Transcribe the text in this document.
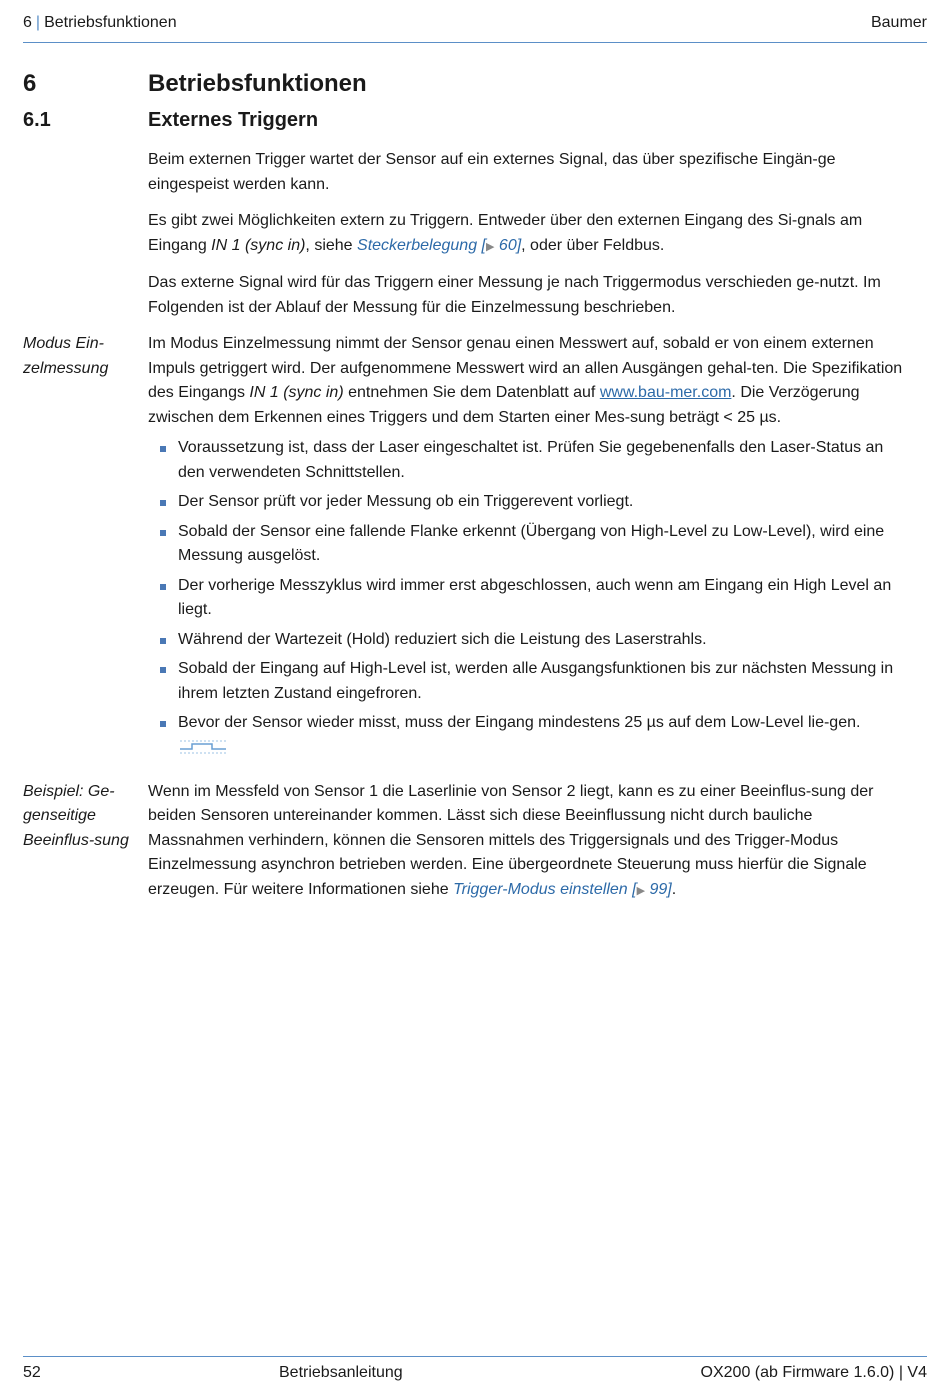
6 | Betriebsfunktionen	Baumer
6	Betriebsfunktionen
6.1	Externes Triggern

Beim externen Trigger wartet der Sensor auf ein externes Signal, das über spezifische Eingän-ge eingespeist werden kann.

Es gibt zwei Möglichkeiten extern zu Triggern. Entweder über den externen Eingang des Si-gnals am Eingang IN 1 (sync in), siehe Steckerbelegung [▶ 60], oder über Feldbus.

Das externe Signal wird für das Triggern einer Messung je nach Triggermodus verschieden ge-nutzt. Im Folgenden ist der Ablauf der Messung für die Einzelmessung beschrieben.

Modus Ein-zelmessung

Im Modus Einzelmessung nimmt der Sensor genau einen Messwert auf, sobald er von einem externen Impuls getriggert wird. Der aufgenommene Messwert wird an allen Ausgängen gehal-ten. Die Spezifikation des Eingangs IN 1 (sync in) entnehmen Sie dem Datenblatt auf www.bau-mer.com. Die Verzögerung zwischen dem Erkennen eines Triggers und dem Starten einer Mes-sung beträgt < 25 µs.

Voraussetzung ist, dass der Laser eingeschaltet ist. Prüfen Sie gegebenenfalls den Laser-Status an den verwendeten Schnittstellen.
Der Sensor prüft vor jeder Messung ob ein Triggerevent vorliegt.
Sobald der Sensor eine fallende Flanke erkennt (Übergang von High-Level zu Low-Level), wird eine Messung ausgelöst.
Der vorherige Messzyklus wird immer erst abgeschlossen, auch wenn am Eingang ein High Level an liegt.
Während der Wartezeit (Hold) reduziert sich die Leistung des Laserstrahls.
Sobald der Eingang auf High-Level ist, werden alle Ausgangsfunktionen bis zur nächsten Messung in ihrem letzten Zustand eingefroren.
Bevor der Sensor wieder misst, muss der Eingang mindestens 25 µs auf dem Low-Level lie-gen.
Beispiel: Ge-genseitige Beeinflus-sung

Wenn im Messfeld von Sensor 1 die Laserlinie von Sensor 2 liegt, kann es zu einer Beeinflus-sung der beiden Sensoren untereinander kommen. Lässt sich diese Beeinflussung nicht durch bauliche Massnahmen verhindern, können die Sensoren mittels des Triggersignals und des Trigger-Modus Einzelmessung asynchron betrieben werden. Eine übergeordnete Steuerung muss hierfür die Signale erzeugen. Für weitere Informationen siehe Trigger-Modus einstellen [▶ 99].

52	Betriebsanleitung	OX200 (ab Firmware 1.6.0) | V4
